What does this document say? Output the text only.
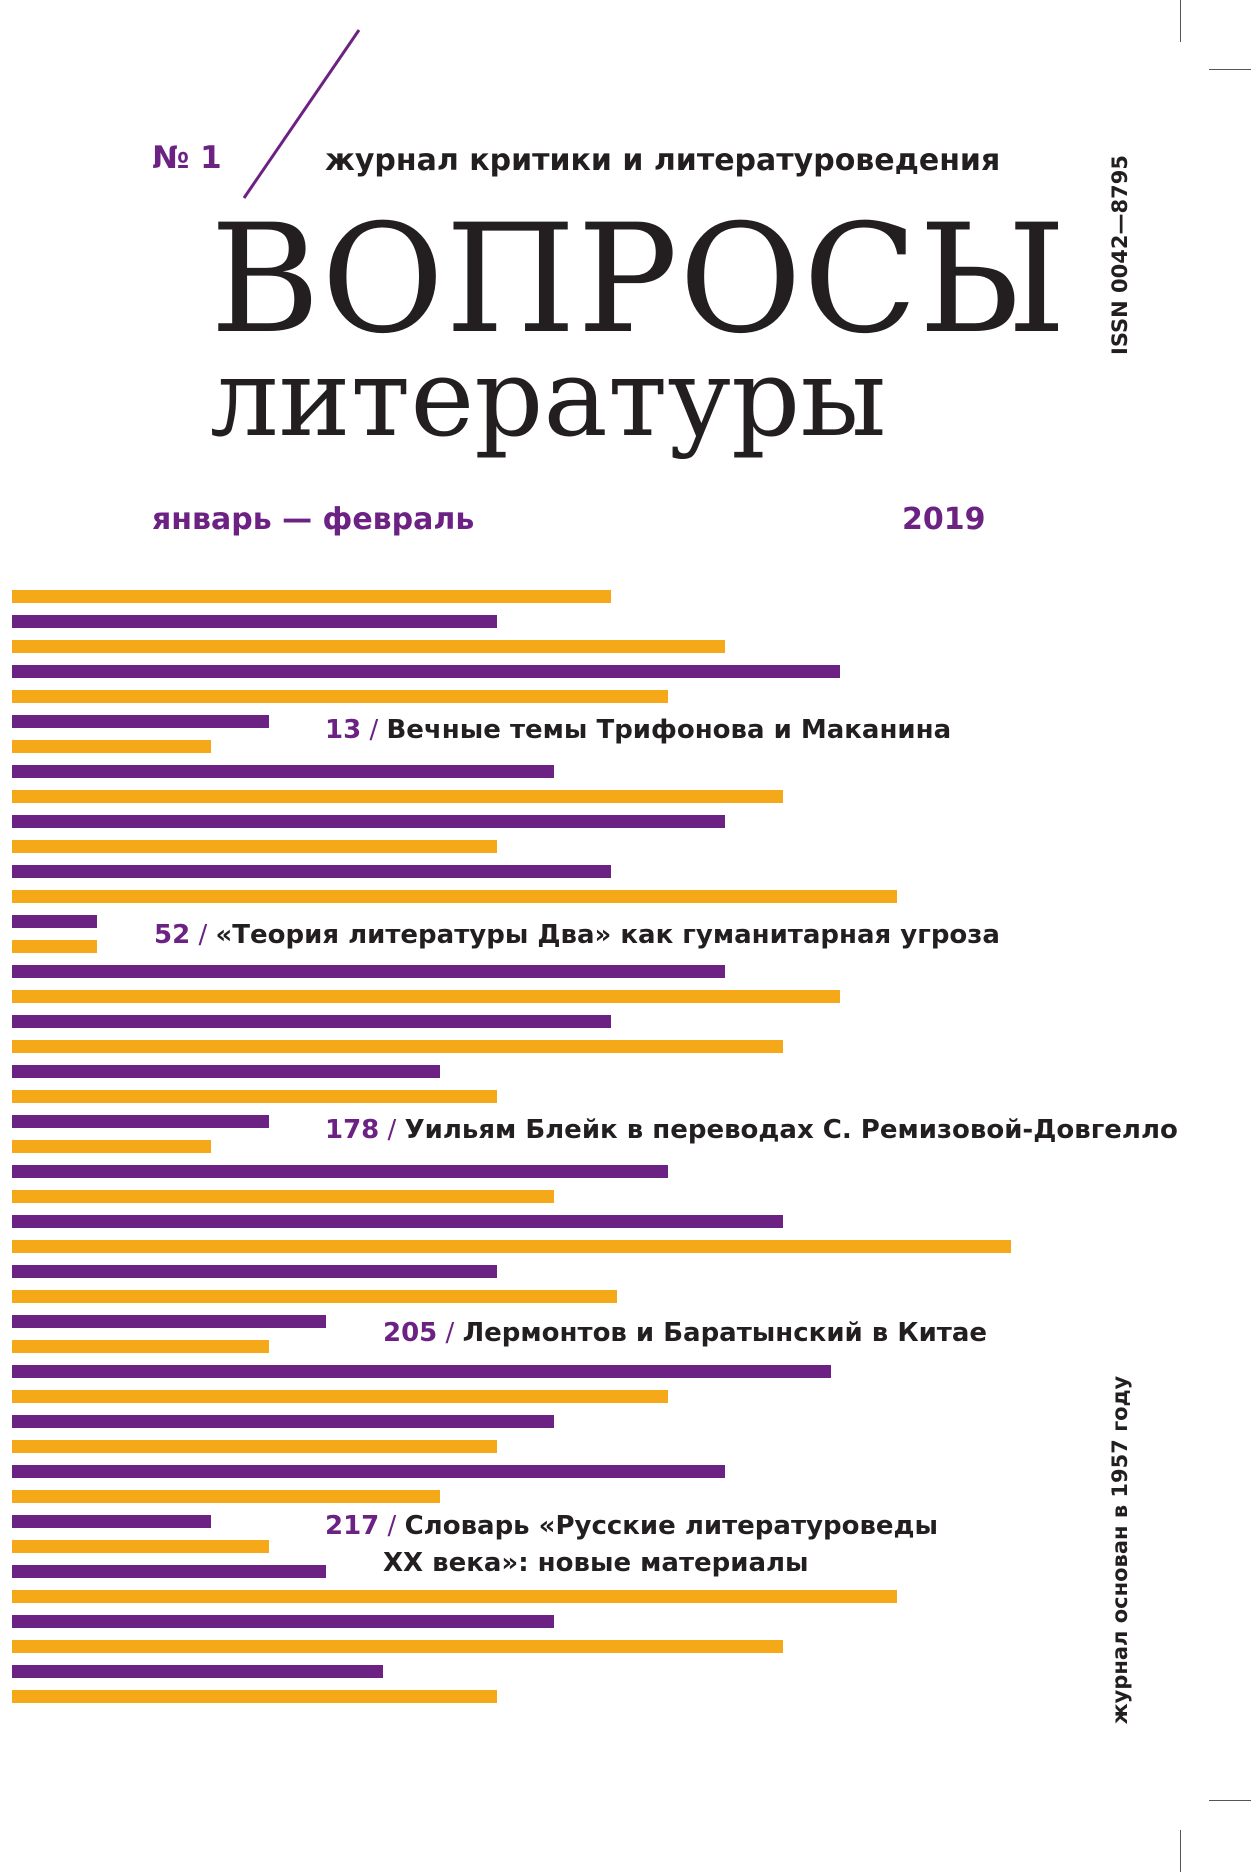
№ 1	журнал критики и литературоведения
ВОПРОСЫ
литературы
январь — февраль	2019
ISSN 0042—8795
журнал основан в 1957 году
13 / Вечные темы Трифонова и Маканина
52 / «Теория литературы Два» как гуманитарная угроза
178 / Уильям Блейк в переводах С. Ремизовой-Довгелло
205 / Лермонтов и Баратынский в Китае
217 / Словарь «Русские литературоведы
XX века»: новые материалы
